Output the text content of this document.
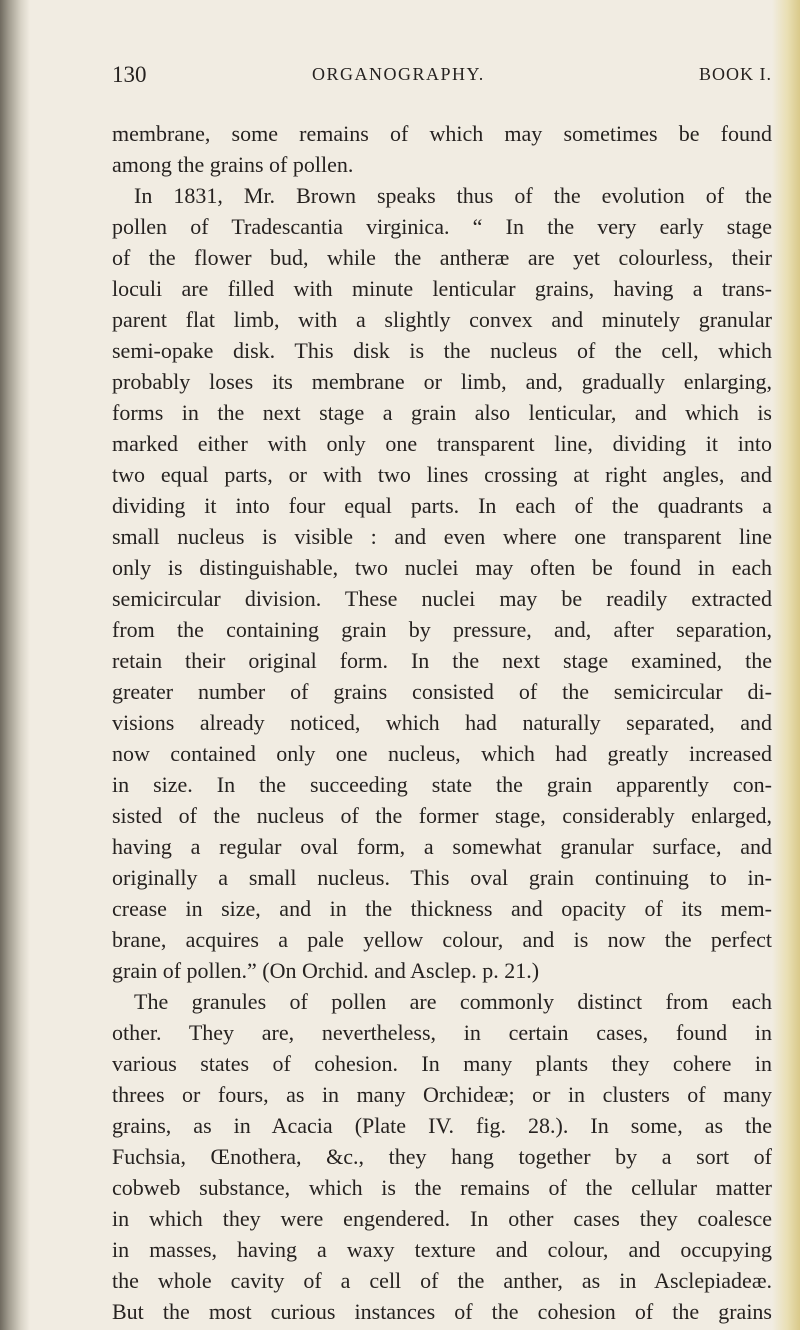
130	ORGANOGRAPHY.	BOOK I.
membrane, some remains of which may sometimes be found
among the grains of pollen.
In 1831, Mr. Brown speaks thus of the evolution of the
pollen of Tradescantia virginica. “ In the very early stage
of the flower bud, while the antheræ are yet colourless, their
loculi are filled with minute lenticular grains, having a trans-
parent flat limb, with a slightly convex and minutely granular
semi-opake disk. This disk is the nucleus of the cell, which
probably loses its membrane or limb, and, gradually enlarging,
forms in the next stage a grain also lenticular, and which is
marked either with only one transparent line, dividing it into
two equal parts, or with two lines crossing at right angles, and
dividing it into four equal parts. In each of the quadrants a
small nucleus is visible : and even where one transparent line
only is distinguishable, two nuclei may often be found in each
semicircular division. These nuclei may be readily extracted
from the containing grain by pressure, and, after separation,
retain their original form. In the next stage examined, the
greater number of grains consisted of the semicircular di-
visions already noticed, which had naturally separated, and
now contained only one nucleus, which had greatly increased
in size. In the succeeding state the grain apparently con-
sisted of the nucleus of the former stage, considerably enlarged,
having a regular oval form, a somewhat granular surface, and
originally a small nucleus. This oval grain continuing to in-
crease in size, and in the thickness and opacity of its mem-
brane, acquires a pale yellow colour, and is now the perfect
grain of pollen.” (On Orchid. and Asclep. p. 21.)
The granules of pollen are commonly distinct from each
other. They are, nevertheless, in certain cases, found in
various states of cohesion. In many plants they cohere in
threes or fours, as in many Orchideæ; or in clusters of many
grains, as in Acacia (Plate IV. fig. 28.). In some, as the
Fuchsia, Œnothera, &c., they hang together by a sort of
cobweb substance, which is the remains of the cellular matter
in which they were engendered. In other cases they coalesce
in masses, having a waxy texture and colour, and occupying
the whole cavity of a cell of the anther, as in Asclepiadeæ.
But the most curious instances of the cohesion of the grains
